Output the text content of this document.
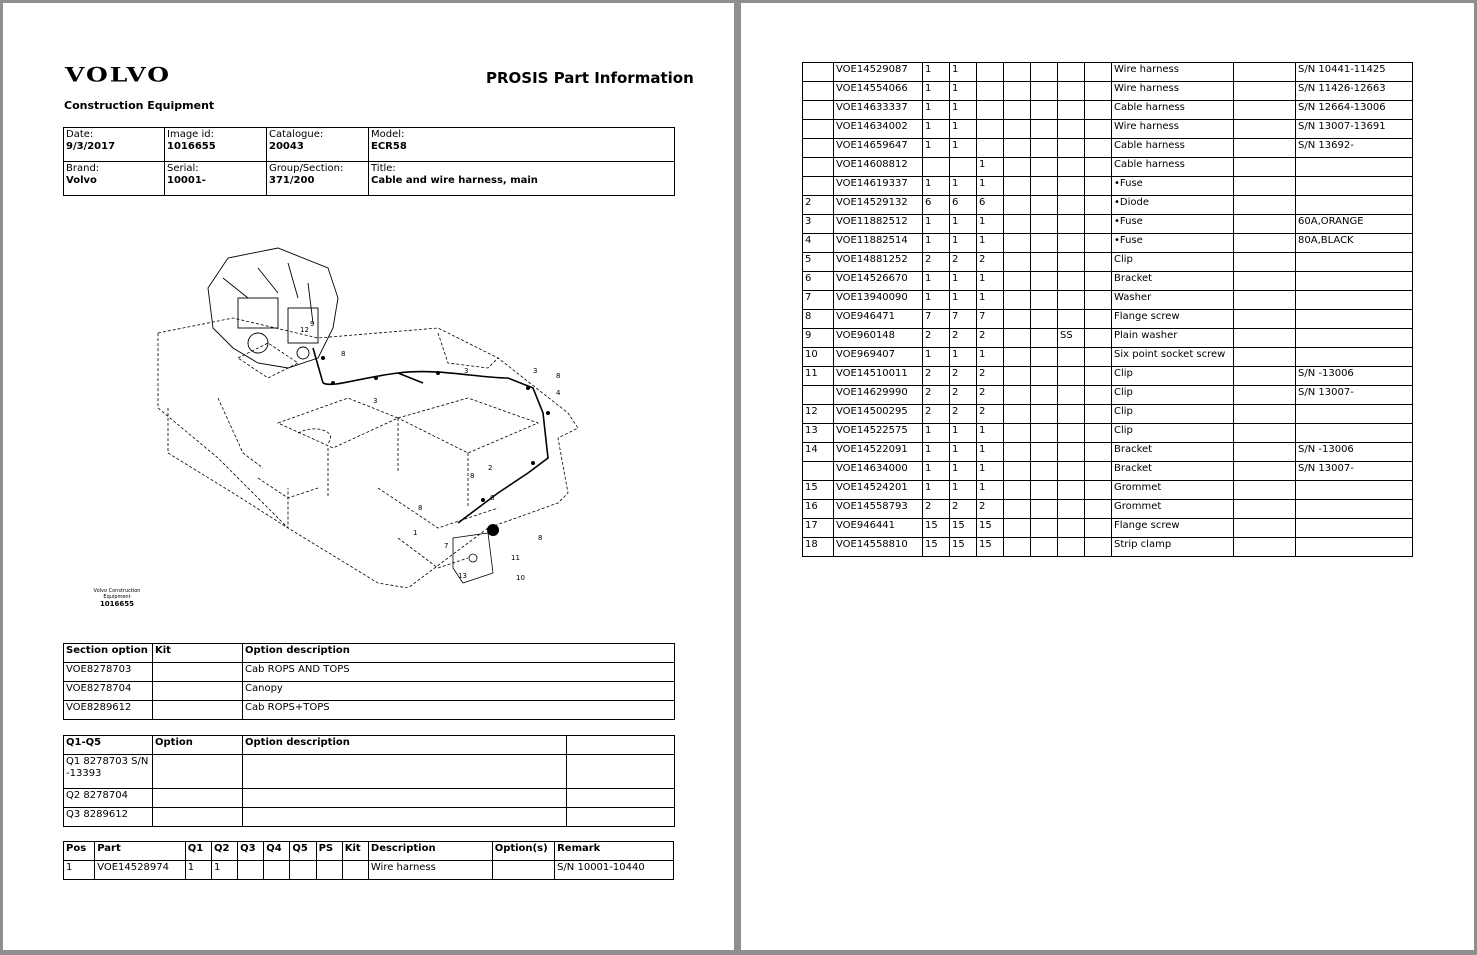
VOLVO
Construction Equipment
PROSIS Part Information
Date:
9/3/2017	Image id:
1016655	Catalogue:
20043	Model:
ECR58

Brand:
Volvo	Serial:
10001-	Group/Section:
371/200	Title:
Cable and wire harness, main
12
9
8
3
3	3
8
4
2
8
6
8
1
7
8
11
10
13
Volvo Construction Equipment
1016655
Section option	Kit	Option description
VOE8278703		Cab ROPS AND TOPS
VOE8278704		Canopy
VOE8289612		Cab ROPS+TOPS
Q1-Q5	Option	Option description	
Q1 8278703 S/N -13393			
Q2 8278704			
Q3 8289612			
Pos	Part	Q1	Q2	Q3	Q4	Q5	PS	Kit	Description	Option(s)	Remark
1	VOE14528974	1	1						Wire harness		S/N 10001-10440
	VOE14529087	1	1						Wire harness		S/N 10441-11425
	VOE14554066	1	1						Wire harness		S/N 11426-12663
	VOE14633337	1	1						Cable harness		S/N 12664-13006
	VOE14634002	1	1						Wire harness		S/N 13007-13691
	VOE14659647	1	1						Cable harness		S/N 13692-
	VOE14608812			1					Cable harness		
	VOE14619337	1	1	1					•Fuse		
2	VOE14529132	6	6	6					•Diode		
3	VOE11882512	1	1	1					•Fuse		60A,ORANGE
4	VOE11882514	1	1	1					•Fuse		80A,BLACK
5	VOE14881252	2	2	2					Clip		
6	VOE14526670	1	1	1					Bracket		
7	VOE13940090	1	1	1					Washer		
8	VOE946471	7	7	7					Flange screw		
9	VOE960148	2	2	2			SS		Plain washer		
10	VOE969407	1	1	1					Six point socket screw		
11	VOE14510011	2	2	2					Clip		S/N -13006
	VOE14629990	2	2	2					Clip		S/N 13007-
12	VOE14500295	2	2	2					Clip		
13	VOE14522575	1	1	1					Clip		
14	VOE14522091	1	1	1					Bracket		S/N -13006
	VOE14634000	1	1	1					Bracket		S/N 13007-
15	VOE14524201	1	1	1					Grommet		
16	VOE14558793	2	2	2					Grommet		
17	VOE946441	15	15	15					Flange screw		
18	VOE14558810	15	15	15					Strip clamp		
